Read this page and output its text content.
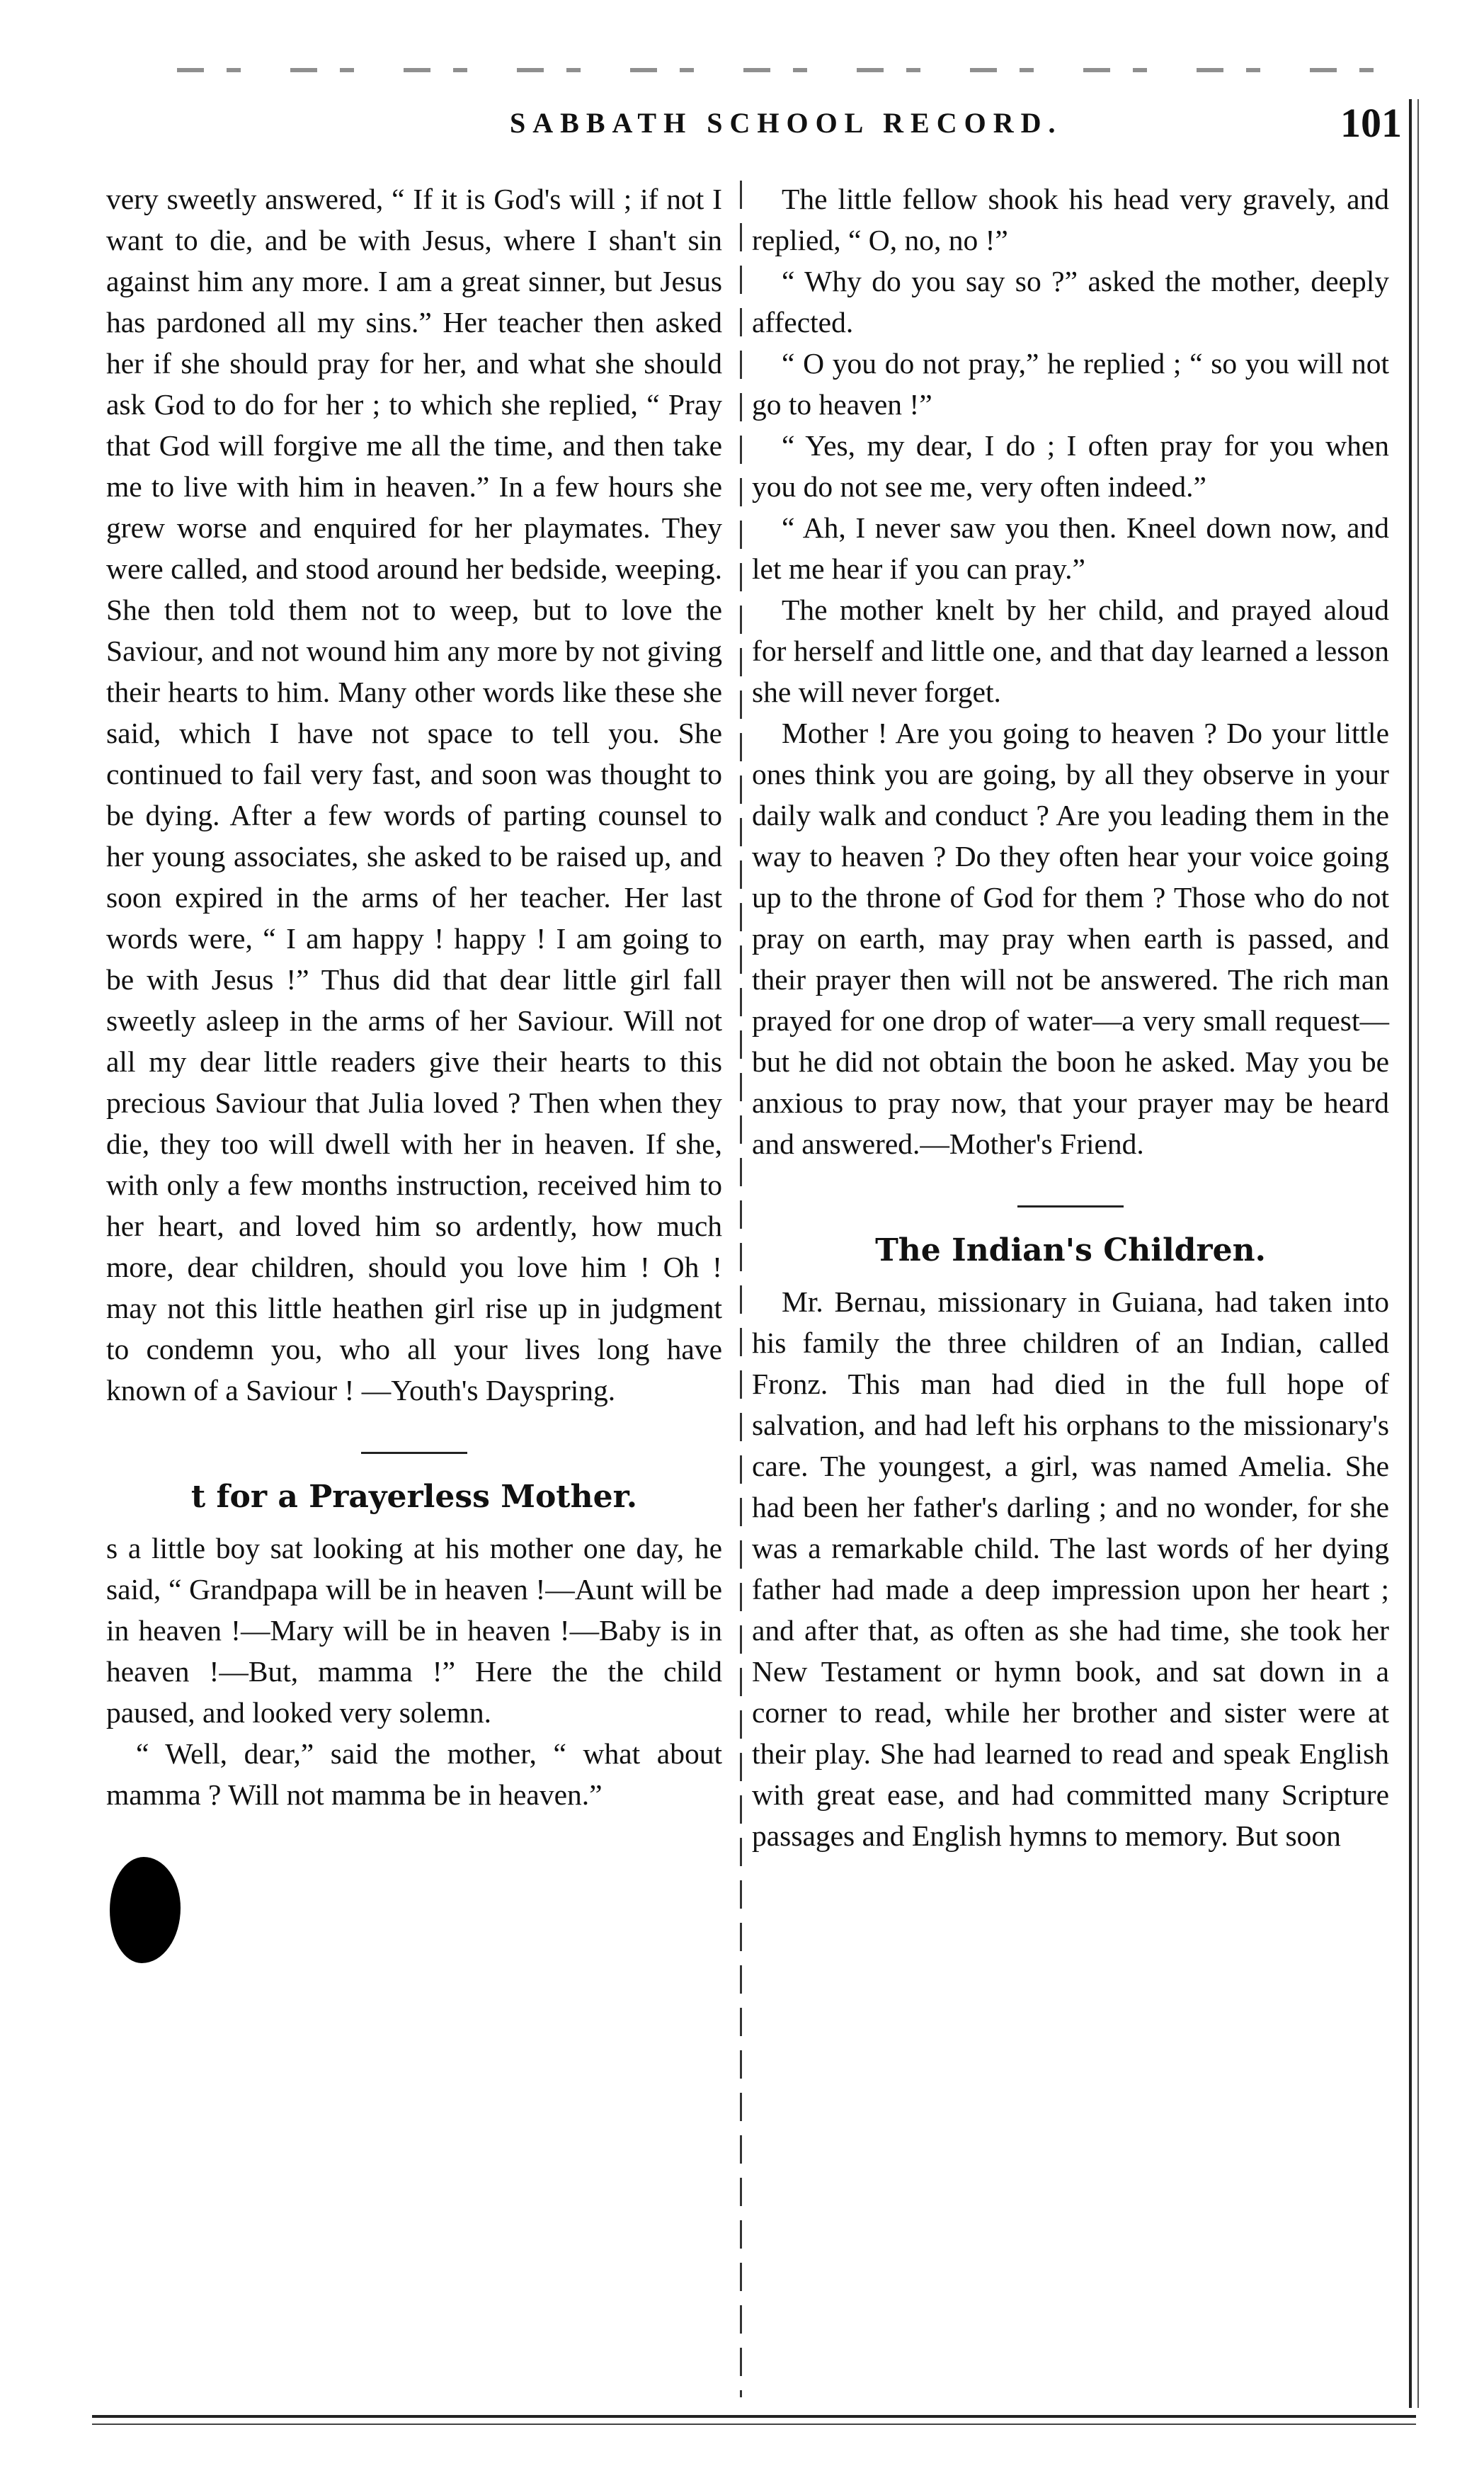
SABBATH SCHOOL RECORD.	101

very sweetly answered, “ If it is God's will ; if not I want to die, and be with Jesus, where I shan't sin against him any more. I am a great sinner, but Jesus has pardoned all my sins.” Her teacher then asked her if she should pray for her, and what she should ask God to do for her ; to which she replied, “ Pray that God will forgive me all the time, and then take me to live with him in heaven.” In a few hours she grew worse and enquired for her playmates. They were called, and stood around her bedside, weeping. She then told them not to weep, but to love the Saviour, and not wound him any more by not giving their hearts to him. Many other words like these she said, which I have not space to tell you. She continued to fail very fast, and soon was thought to be dying. After a few words of parting counsel to her young associates, she asked to be raised up, and soon expired in the arms of her teacher. Her last words were, “ I am happy ! happy ! I am going to be with Jesus !” Thus did that dear little girl fall sweetly asleep in the arms of her Saviour. Will not all my dear little readers give their hearts to this precious Saviour that Julia loved ? Then when they die, they too will dwell with her in heaven. If she, with only a few months instruction, received him to her heart, and loved him so ardently, how much more, dear children, should you love him ! Oh ! may not this little heathen girl rise up in judgment to condemn you, who all your lives long have known of a Saviour ! —Youth's Dayspring.

t for a Prayerless Mother.

s a little boy sat looking at his mother one day, he said, “ Grandpapa will be in heaven !—Aunt will be in heaven !—Mary will be in heaven !—Baby is in heaven !—But, mamma !” Here the the child paused, and looked very solemn.

“ Well, dear,” said the mother, “ what about mamma ? Will not mamma be in heaven.”

The little fellow shook his head very gravely, and replied, “ O, no, no !”

“ Why do you say so ?” asked the mother, deeply affected.

“ O you do not pray,” he replied ; “ so you will not go to heaven !”

“ Yes, my dear, I do ; I often pray for you when you do not see me, very often indeed.”

“ Ah, I never saw you then. Kneel down now, and let me hear if you can pray.”

The mother knelt by her child, and prayed aloud for herself and little one, and that day learned a lesson she will never forget.

Mother ! Are you going to heaven ? Do your little ones think you are going, by all they observe in your daily walk and conduct ? Are you leading them in the way to heaven ? Do they often hear your voice going up to the throne of God for them ? Those who do not pray on earth, may pray when earth is passed, and their prayer then will not be answered. The rich man prayed for one drop of water—a very small request—but he did not obtain the boon he asked. May you be anxious to pray now, that your prayer may be heard and answered.—Mother's Friend.

The Indian's Children.

Mr. Bernau, missionary in Guiana, had taken into his family the three children of an Indian, called Fronz. This man had died in the full hope of salvation, and had left his orphans to the missionary's care. The youngest, a girl, was named Amelia. She had been her father's darling ; and no wonder, for she was a remarkable child. The last words of her dying father had made a deep impression upon her heart ; and after that, as often as she had time, she took her New Testament or hymn book, and sat down in a corner to read, while her brother and sister were at their play. She had learned to read and speak English with great ease, and had committed many Scripture passages and English hymns to memory. But soon
